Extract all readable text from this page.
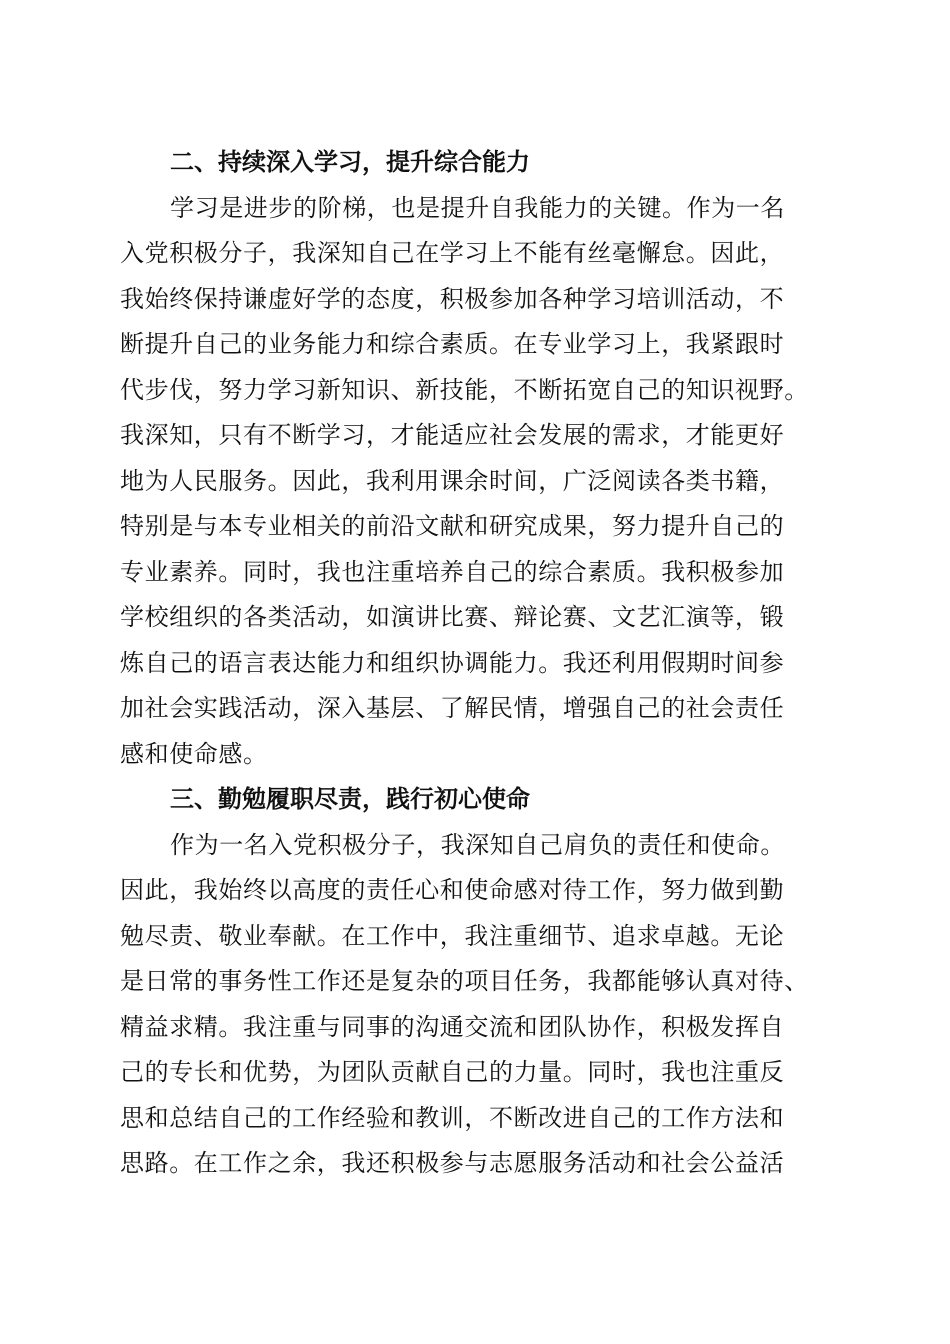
二、持续深入学习，提升综合能力
学习是进步的阶梯，也是提升自我能力的关键。作为一名
入党积极分子，我深知自己在学习上不能有丝毫懈怠。因此，
我始终保持谦虚好学的态度，积极参加各种学习培训活动，不
断提升自己的业务能力和综合素质。在专业学习上，我紧跟时
代步伐，努力学习新知识、新技能，不断拓宽自己的知识视野。
我深知，只有不断学习，才能适应社会发展的需求，才能更好
地为人民服务。因此，我利用课余时间，广泛阅读各类书籍，
特别是与本专业相关的前沿文献和研究成果，努力提升自己的
专业素养。同时，我也注重培养自己的综合素质。我积极参加
学校组织的各类活动，如演讲比赛、辩论赛、文艺汇演等，锻
炼自己的语言表达能力和组织协调能力。我还利用假期时间参
加社会实践活动，深入基层、了解民情，增强自己的社会责任
感和使命感。
三、勤勉履职尽责，践行初心使命
作为一名入党积极分子，我深知自己肩负的责任和使命。
因此，我始终以高度的责任心和使命感对待工作，努力做到勤
勉尽责、敬业奉献。在工作中，我注重细节、追求卓越。无论
是日常的事务性工作还是复杂的项目任务，我都能够认真对待、
精益求精。我注重与同事的沟通交流和团队协作，积极发挥自
己的专长和优势，为团队贡献自己的力量。同时，我也注重反
思和总结自己的工作经验和教训，不断改进自己的工作方法和
思路。在工作之余，我还积极参与志愿服务活动和社会公益活
